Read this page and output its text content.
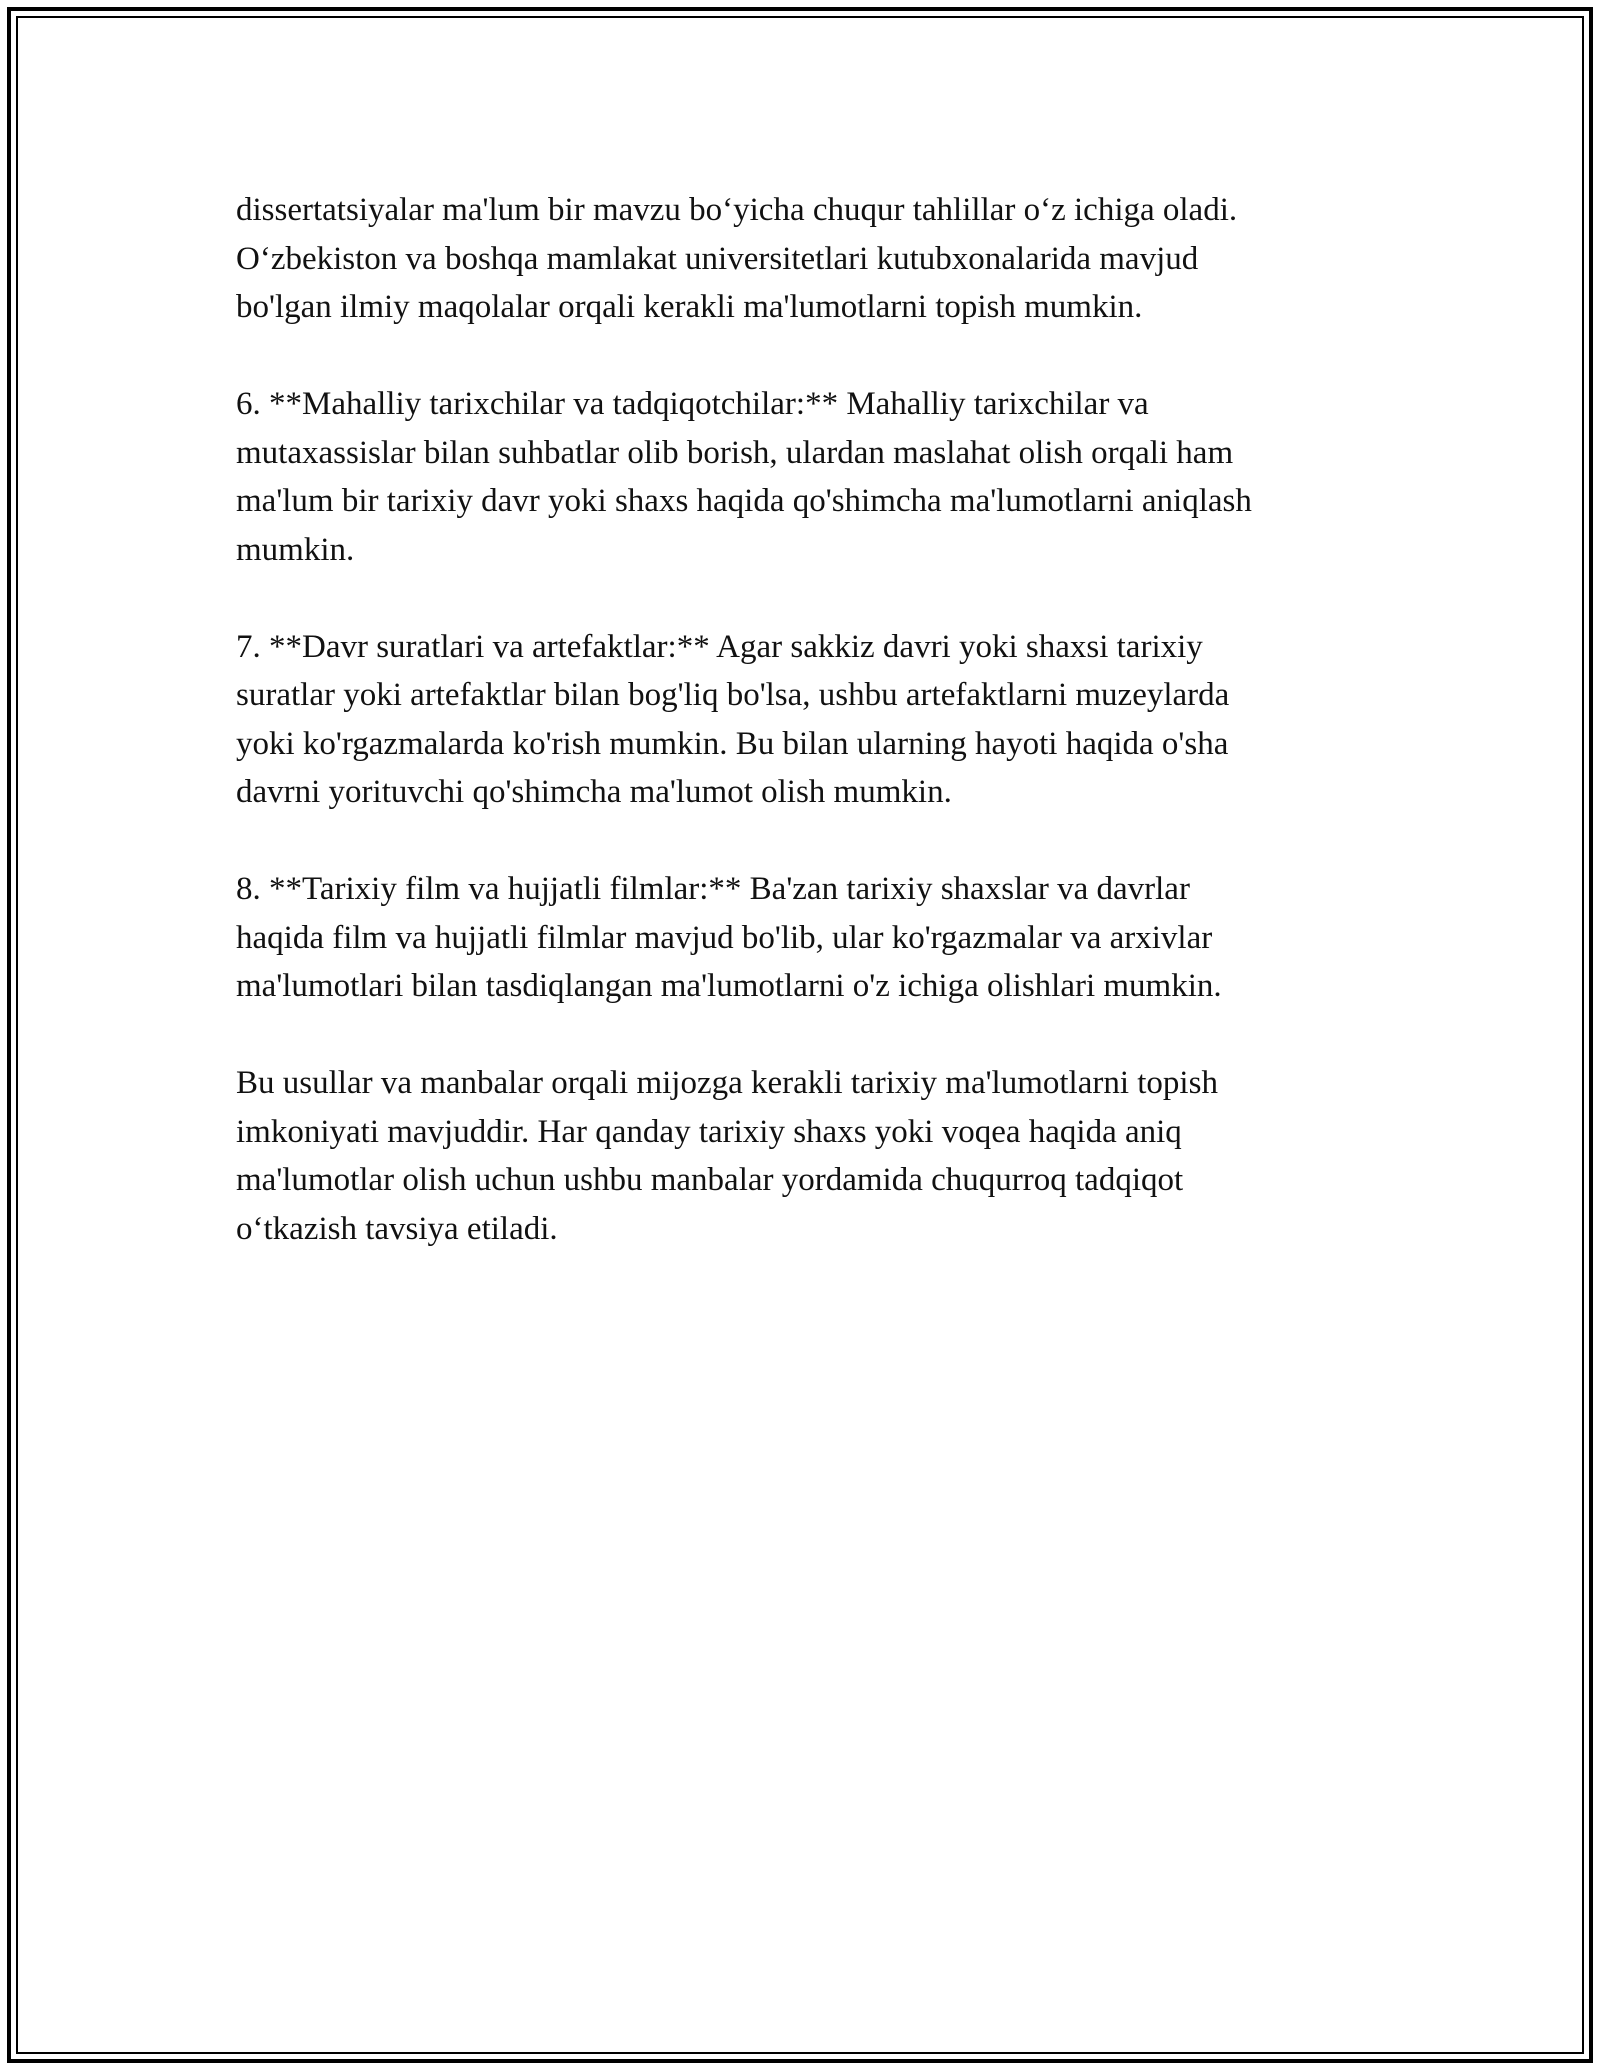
dissertatsiyalar ma'lum bir mavzu bo‘yicha chuqur tahlillar o‘z ichiga oladi.
O‘zbekiston va boshqa mamlakat universitetlari kutubxonalarida mavjud
bo'lgan ilmiy maqolalar orqali kerakli ma'lumotlarni topish mumkin.

6. **Mahalliy tarixchilar va tadqiqotchilar:** Mahalliy tarixchilar va
mutaxassislar bilan suhbatlar olib borish, ulardan maslahat olish orqali ham
ma'lum bir tarixiy davr yoki shaxs haqida qo'shimcha ma'lumotlarni aniqlash
mumkin.

7. **Davr suratlari va artefaktlar:** Agar sakkiz davri yoki shaxsi tarixiy
suratlar yoki artefaktlar bilan bog'liq bo'lsa, ushbu artefaktlarni muzeylarda
yoki ko'rgazmalarda ko'rish mumkin. Bu bilan ularning hayoti haqida o'sha
davrni yorituvchi qo'shimcha ma'lumot olish mumkin.

8. **Tarixiy film va hujjatli filmlar:** Ba'zan tarixiy shaxslar va davrlar
haqida film va hujjatli filmlar mavjud bo'lib, ular ko'rgazmalar va arxivlar
ma'lumotlari bilan tasdiqlangan ma'lumotlarni o'z ichiga olishlari mumkin.

Bu usullar va manbalar orqali mijozga kerakli tarixiy ma'lumotlarni topish
imkoniyati mavjuddir. Har qanday tarixiy shaxs yoki voqea haqida aniq
ma'lumotlar olish uchun ushbu manbalar yordamida chuqurroq tadqiqot
o‘tkazish tavsiya etiladi.
